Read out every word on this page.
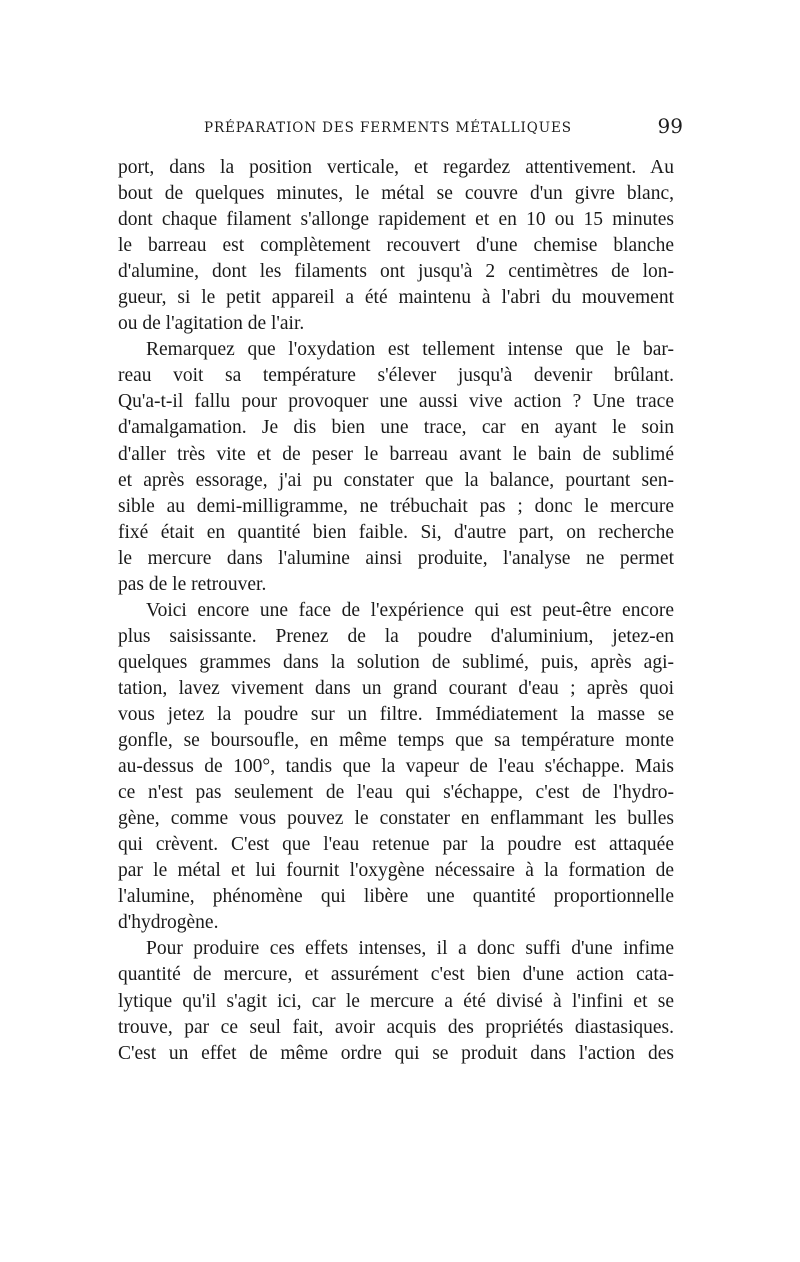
PRÉPARATION DES FERMENTS MÉTALLIQUES	99
port, dans la position verticale, et regardez attentivement. Au
bout de quelques minutes, le métal se couvre d'un givre blanc,
dont chaque filament s'allonge rapidement et en 10 ou 15 minutes
le barreau est complètement recouvert d'une chemise blanche
d'alumine, dont les filaments ont jusqu'à 2 centimètres de lon-
gueur, si le petit appareil a été maintenu à l'abri du mouvement
ou de l'agitation de l'air.
Remarquez que l'oxydation est tellement intense que le bar-
reau voit sa température s'élever jusqu'à devenir brûlant.
Qu'a-t-il fallu pour provoquer une aussi vive action ? Une trace
d'amalgamation. Je dis bien une trace, car en ayant le soin
d'aller très vite et de peser le barreau avant le bain de sublimé
et après essorage, j'ai pu constater que la balance, pourtant sen-
sible au demi-milligramme, ne trébuchait pas ; donc le mercure
fixé était en quantité bien faible. Si, d'autre part, on recherche
le mercure dans l'alumine ainsi produite, l'analyse ne permet
pas de le retrouver.
Voici encore une face de l'expérience qui est peut-être encore
plus saisissante. Prenez de la poudre d'aluminium, jetez-en
quelques grammes dans la solution de sublimé, puis, après agi-
tation, lavez vivement dans un grand courant d'eau ; après quoi
vous jetez la poudre sur un filtre. Immédiatement la masse se
gonfle, se boursoufle, en même temps que sa température monte
au-dessus de 100°, tandis que la vapeur de l'eau s'échappe. Mais
ce n'est pas seulement de l'eau qui s'échappe, c'est de l'hydro-
gène, comme vous pouvez le constater en enflammant les bulles
qui crèvent. C'est que l'eau retenue par la poudre est attaquée
par le métal et lui fournit l'oxygène nécessaire à la formation de
l'alumine, phénomène qui libère une quantité proportionnelle
d'hydrogène.
Pour produire ces effets intenses, il a donc suffi d'une infime
quantité de mercure, et assurément c'est bien d'une action cata-
lytique qu'il s'agit ici, car le mercure a été divisé à l'infini et se
trouve, par ce seul fait, avoir acquis des propriétés diastasiques.
C'est un effet de même ordre qui se produit dans l'action des
